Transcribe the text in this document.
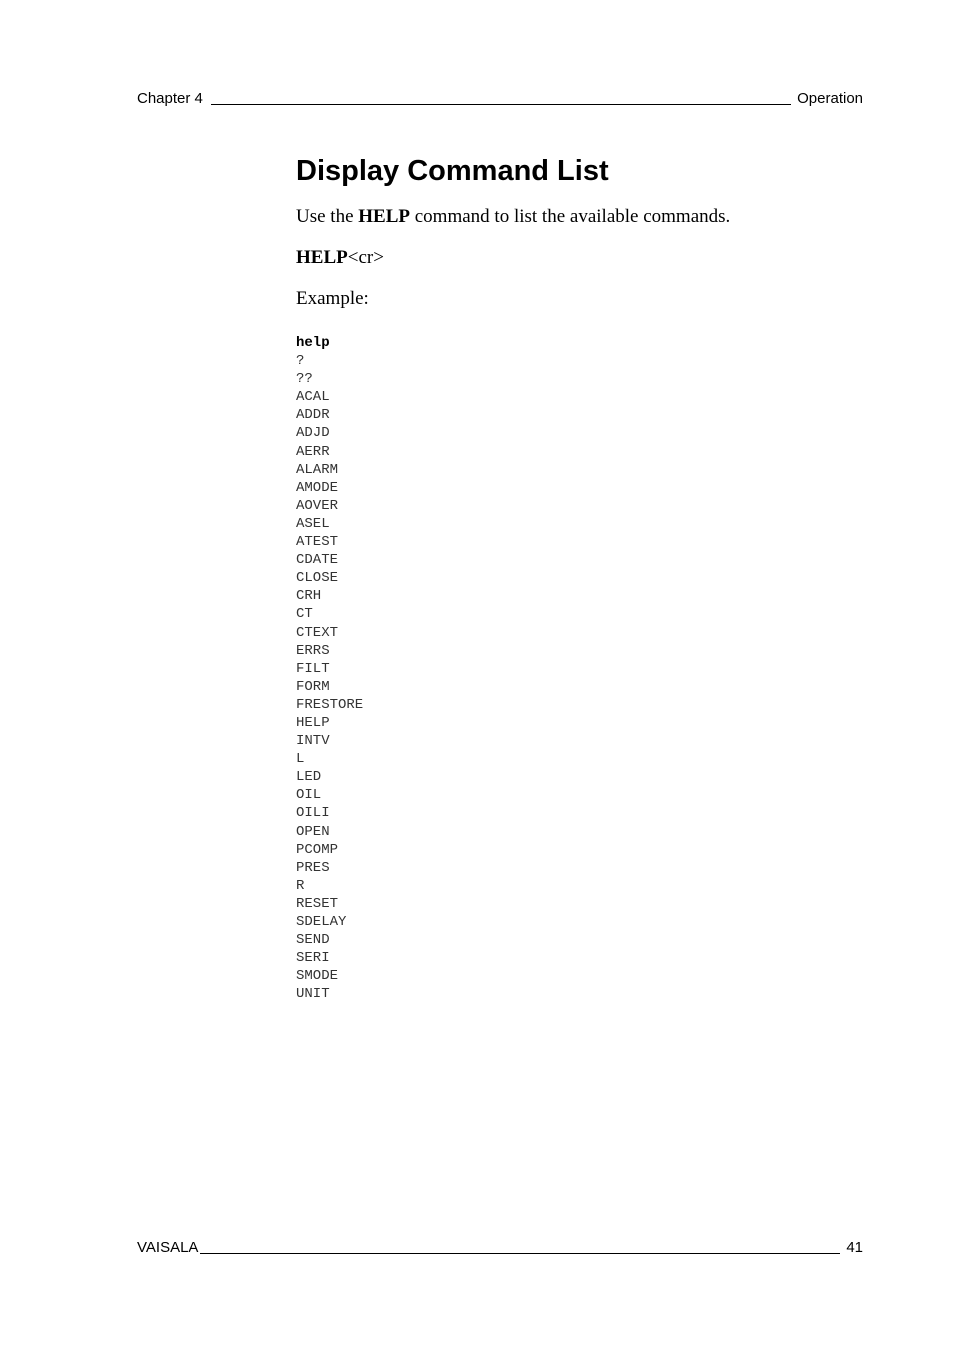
Chapter 4	Operation
Display Command List

Use the HELP command to list the available commands.

HELP<cr>

Example:

help
?
??
ACAL
ADDR
ADJD
AERR
ALARM
AMODE
AOVER
ASEL
ATEST
CDATE
CLOSE
CRH
CT
CTEXT
ERRS
FILT
FORM
FRESTORE
HELP
INTV
L
LED
OIL
OILI
OPEN
PCOMP
PRES
R
RESET
SDELAY
SEND
SERI
SMODE
UNIT
VAISALA	41
